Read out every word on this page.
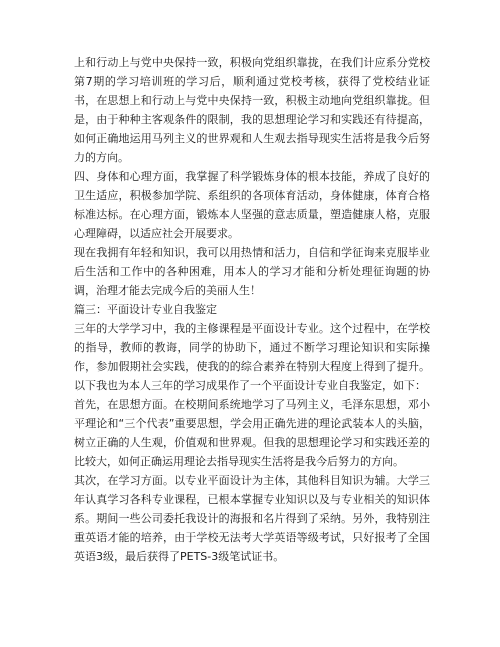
上和行动上与党中央保持一致，积极向党组织靠拢，在我们计应系分党校第7期的学习培训班的学习后，顺利通过党校考核，获得了党校结业证书，在思想上和行动上与党中央保持一致，积极主动地向党组织靠拢。但是，由于种种主客观条件的限制，我的思想理论学习和实践还有待提高，如何正确地运用马列主义的世界观和人生观去指导现实生活将是我今后努力的方向。

四、身体和心理方面，我掌握了科学锻炼身体的根本技能，养成了良好的卫生适应，积极参加学院、系组织的各项体育活动，身体健康，体育合格标准达标。在心理方面，锻炼本人坚强的意志质量，塑造健康人格，克服心理障碍，以适应社会开展要求。

现在我拥有年轻和知识，我可以用热情和活力，自信和学征询来克服毕业后生活和工作中的各种困难，用本人的学习才能和分析处理征询题的协调，治理才能去完成今后的美丽人生！

篇三：平面设计专业自我鉴定

三年的大学学习中，我的主修课程是平面设计专业。这个过程中，在学校的指导，教师的教诲，同学的协助下，通过不断学习理论知识和实际操作，参加假期社会实践，使我的的综合素养在特别大程度上得到了提升。以下我也为本人三年的学习成果作了一个平面设计专业自我鉴定，如下：

首先，在思想方面。在校期间系统地学习了马列主义，毛泽东思想，邓小平理论和“三个代表”重要思想，学会用正确先进的理论武装本人的头脑，树立正确的人生观，价值观和世界观。但我的思想理论学习和实践还差的比较大，如何正确运用理论去指导现实生活将是我今后努力的方向。

其次，在学习方面。以专业平面设计为主体，其他科目知识为辅。大学三年认真学习各科专业课程，已根本掌握专业知识以及与专业相关的知识体系。期间一些公司委托我设计的海报和名片得到了采纳。另外，我特别注重英语才能的培养，由于学校无法考大学英语等级考试，只好报考了全国英语3级，最后获得了PETS-3级笔试证书。
